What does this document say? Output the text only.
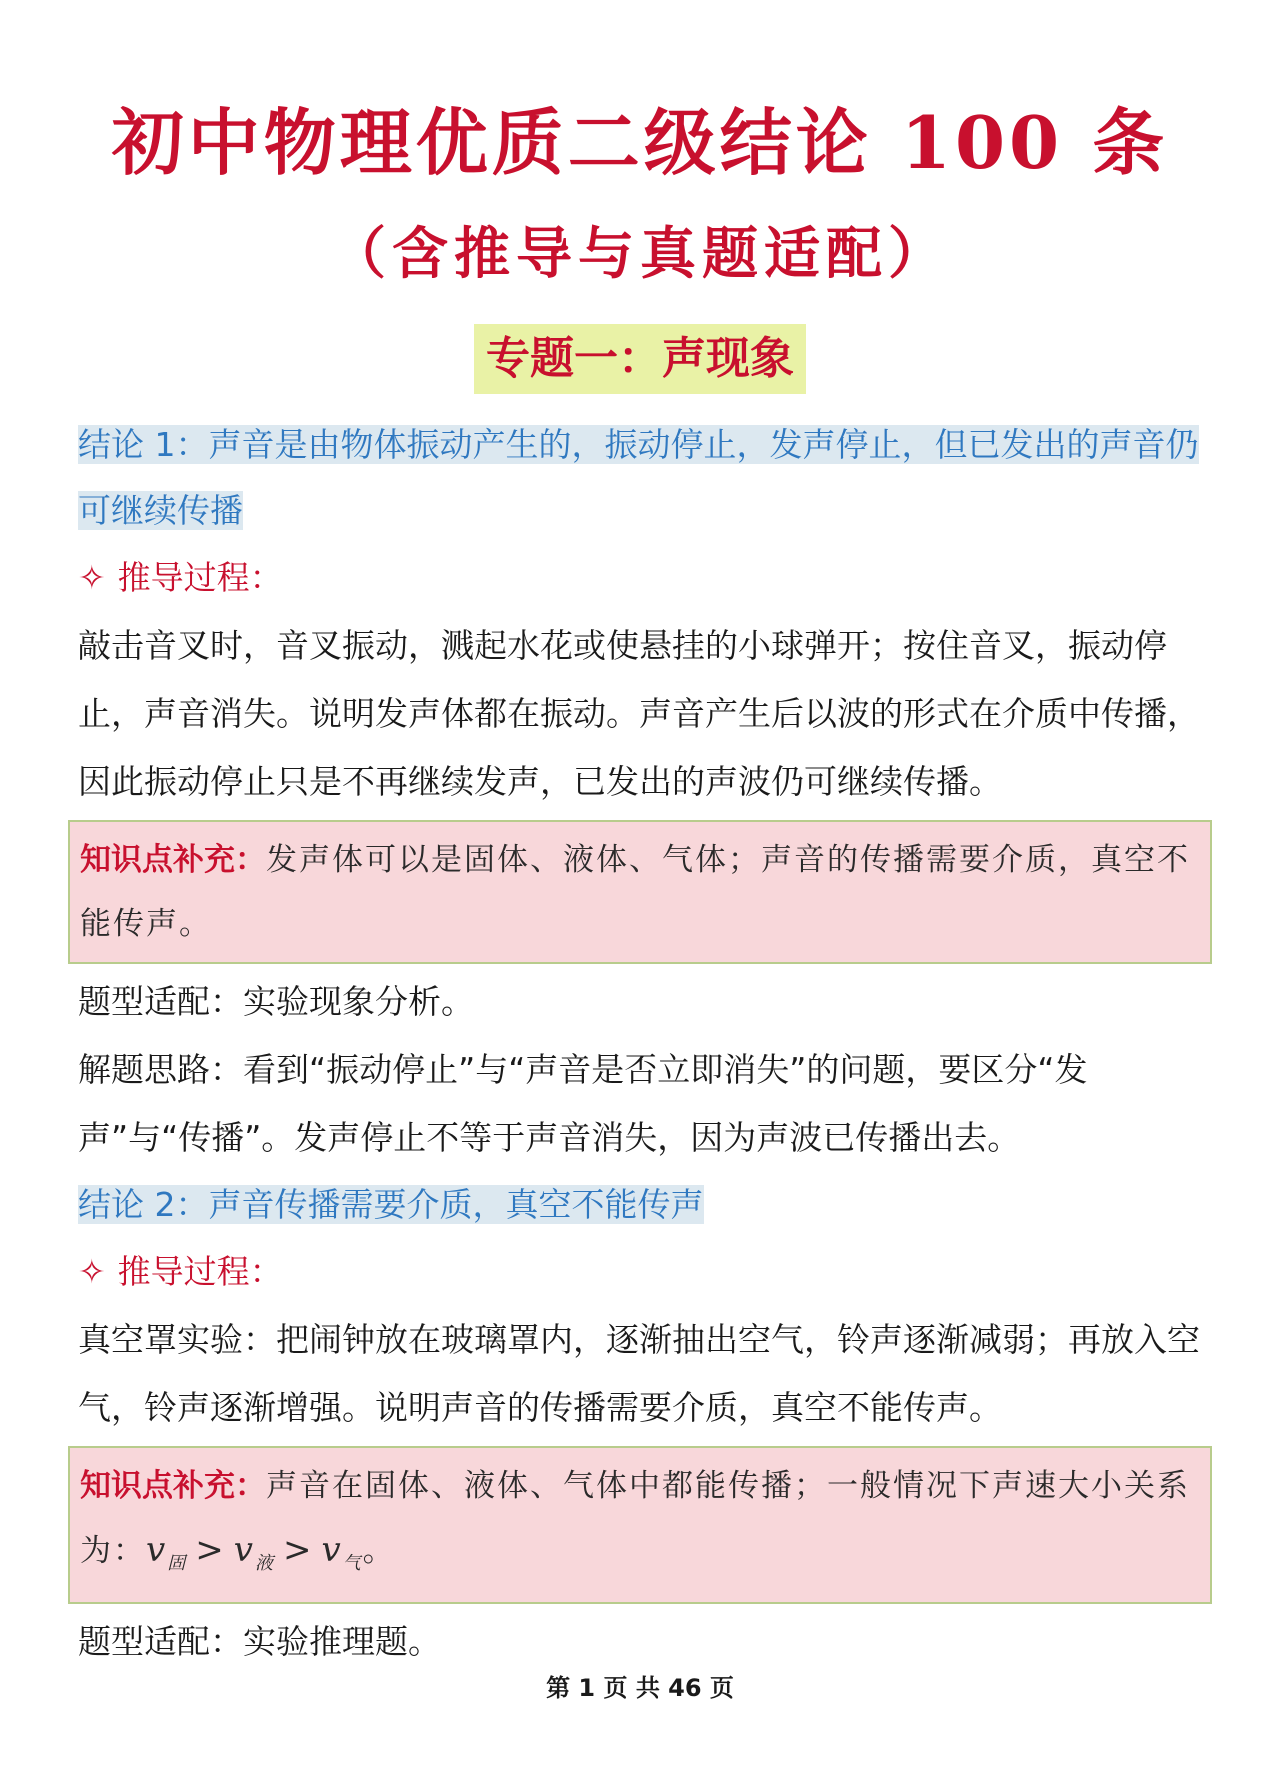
初中物理优质二级结论 100 条
（含推导与真题适配）
专题一：声现象
结论 1：声音是由物体振动产生的，振动停止，发声停止，但已发出的声音仍可继续传播
✧ 推导过程：
敲击音叉时，音叉振动，溅起水花或使悬挂的小球弹开；按住音叉，振动停止，声音消失。说明发声体都在振动。声音产生后以波的形式在介质中传播，因此振动停止只是不再继续发声，已发出的声波仍可继续传播。
知识点补充：发声体可以是固体、液体、气体；声音的传播需要介质，真空不能传声。
题型适配：实验现象分析。
解题思路：看到“振动停止”与“声音是否立即消失”的问题，要区分“发声”与“传播”。发声停止不等于声音消失，因为声波已传播出去。
结论 2：声音传播需要介质，真空不能传声
✧ 推导过程：
真空罩实验：把闹钟放在玻璃罩内，逐渐抽出空气，铃声逐渐减弱；再放入空气，铃声逐渐增强。说明声音的传播需要介质，真空不能传声。
知识点补充：声音在固体、液体、气体中都能传播；一般情况下声速大小关系为：$v_固 > v_液 > v_气$。
题型适配：实验推理题。
第 1 页 共 46 页
